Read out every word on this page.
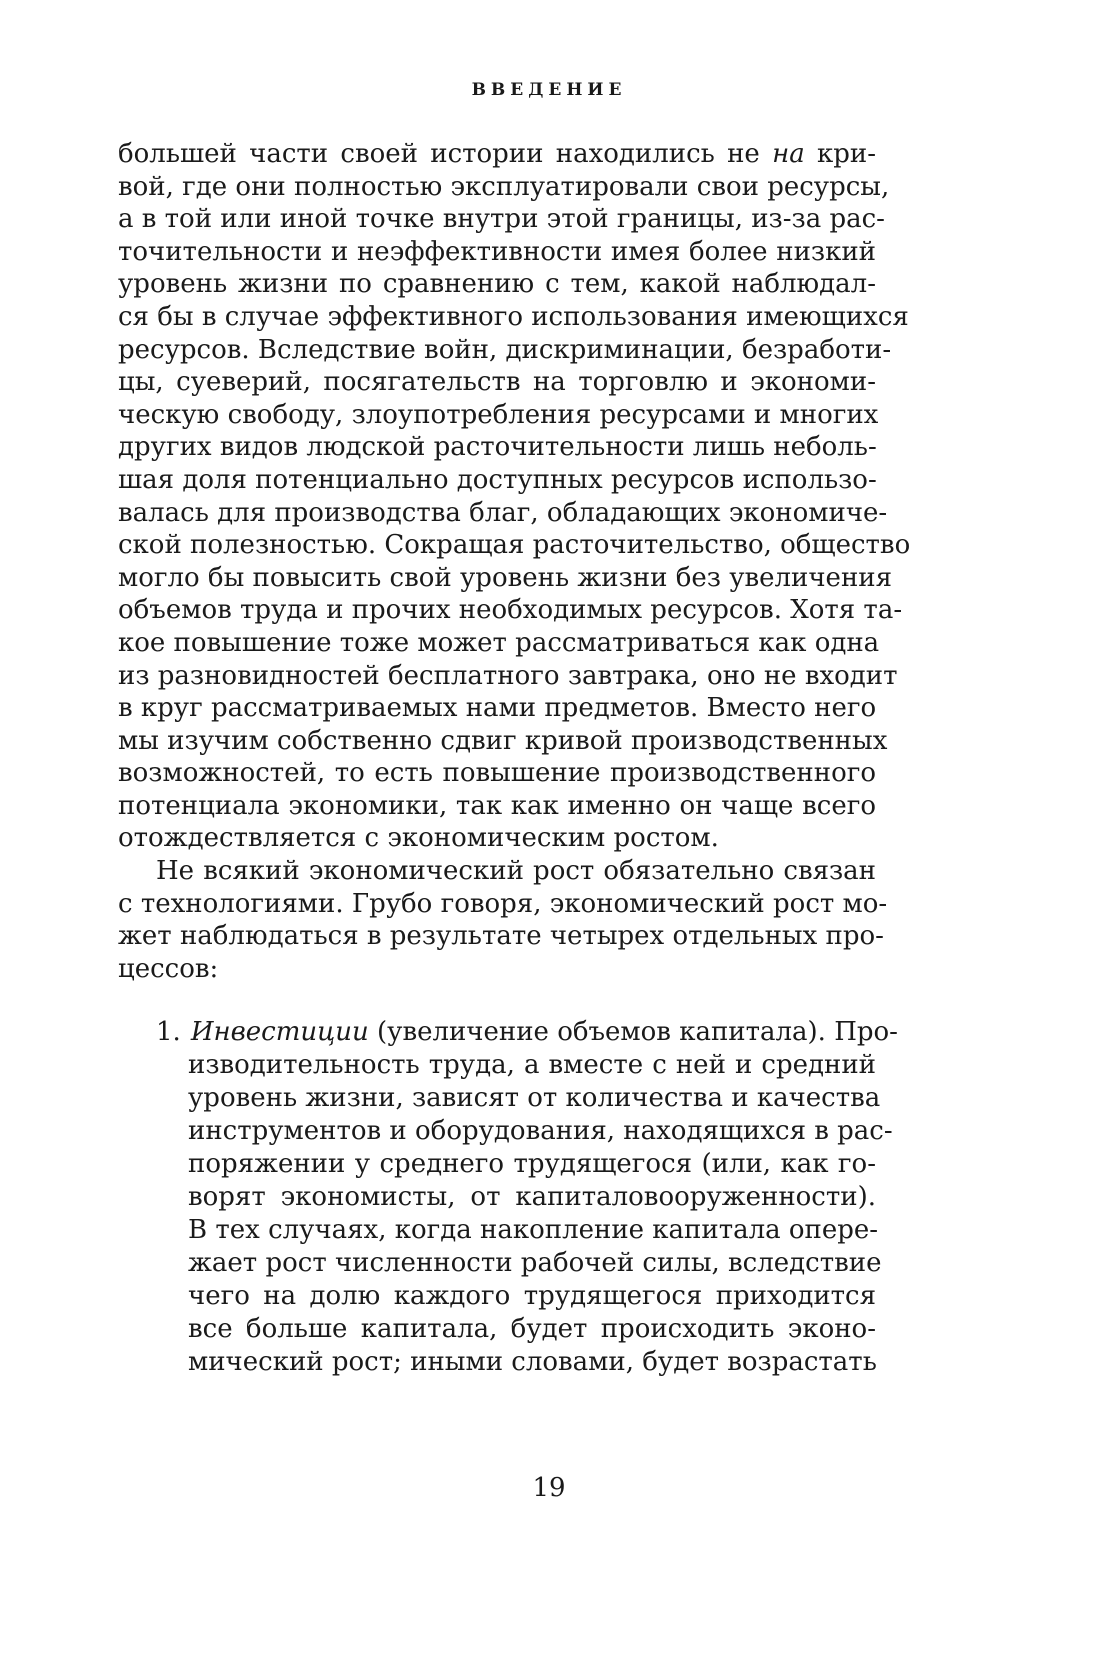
ВВЕДЕНИЕ
большей части своей истории находились не на кри-
вой, где они полностью эксплуатировали свои ресурсы,
а в той или иной точке внутри этой границы, из-за рас-
точительности и неэффективности имея более низкий
уровень жизни по сравнению с тем, какой наблюдал-
ся бы в случае эффективного использования имеющихся
ресурсов. Вследствие войн, дискриминации, безработи-
цы, суеверий, посягательств на торговлю и экономи-
ческую свободу, злоупотребления ресурсами и многих
других видов людской расточительности лишь неболь-
шая доля потенциально доступных ресурсов использо-
валась для производства благ, обладающих экономиче-
ской полезностью. Сокращая расточительство, общество
могло бы повысить свой уровень жизни без увеличения
объемов труда и прочих необходимых ресурсов. Хотя та-
кое повышение тоже может рассматриваться как одна
из разновидностей бесплатного завтрака, оно не входит
в круг рассматриваемых нами предметов. Вместо него
мы изучим собственно сдвиг кривой производственных
возможностей, то есть повышение производственного
потенциала экономики, так как именно он чаще всего
отождествляется с экономическим ростом.
Не всякий экономический рост обязательно связан
с технологиями. Грубо говоря, экономический рост мо-
жет наблюдаться в результате четырех отдельных про-
цессов:
1. Инвестиции (увеличение объемов капитала). Про-
изводительность труда, а вместе с ней и средний
уровень жизни, зависят от количества и качества
инструментов и оборудования, находящихся в рас-
поряжении у среднего трудящегося (или, как го-
ворят экономисты, от капиталовооруженности).
В тех случаях, когда накопление капитала опере-
жает рост численности рабочей силы, вследствие
чего на долю каждого трудящегося приходится
все больше капитала, будет происходить эконо-
мический рост; иными словами, будет возрастать
19
